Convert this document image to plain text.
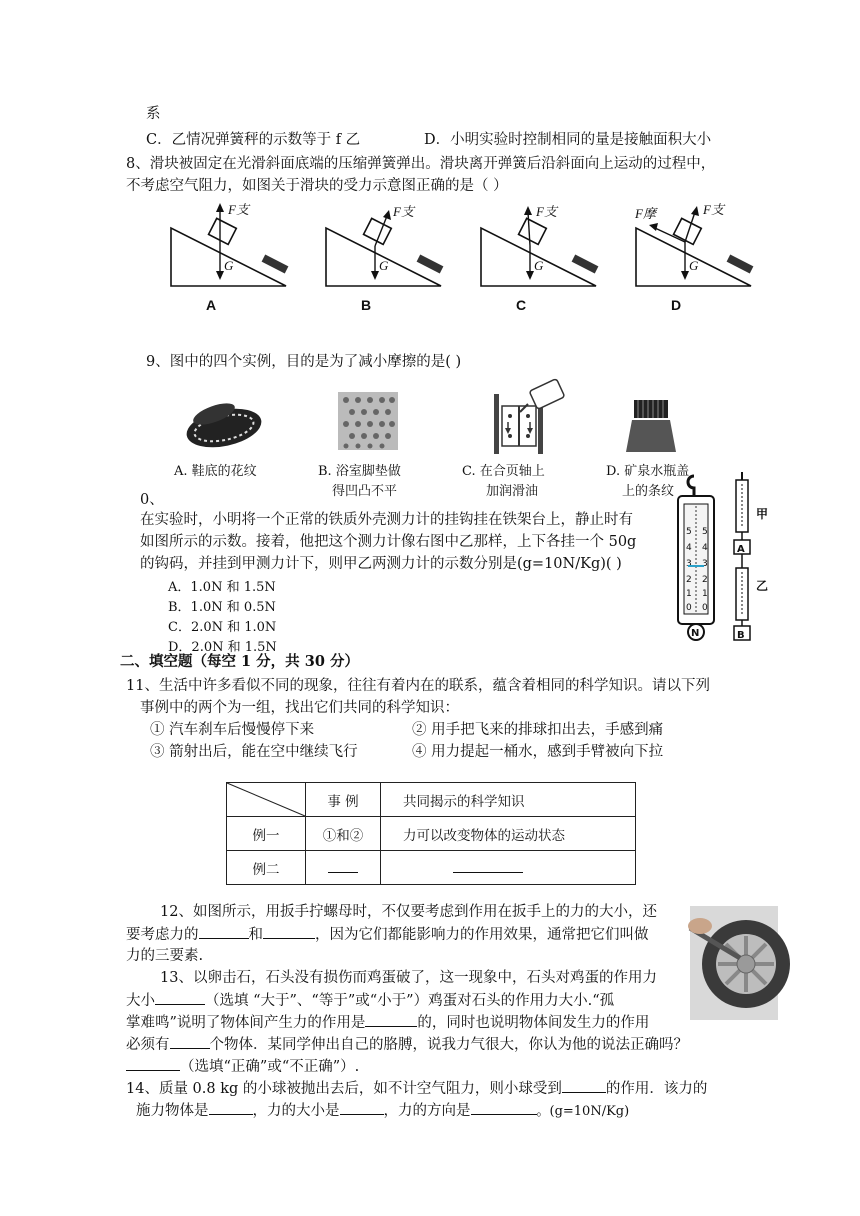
系
C．乙情况弹簧秤的示数等于 f 乙	D．小明实验时控制相同的量是接触面积大小
8、滑块被固定在光滑斜面底端的压缩弹簧弹出。滑块离开弹簧后沿斜面向上运动的过程中，
不考虑空气阻力，如图关于滑块的受力示意图正确的是（ ）
F支
G
F支
G
F支
G
F支
F摩
G
A	B	C	D
9、图中的四个实例，目的是为了减小摩擦的是( )
A. 鞋底的花纹	B. 浴室脚垫做
得凹凸不平
C. 在合页轴上
加润滑油
D. 矿泉水瓶盖
上的条纹
0、
在实验时，小明将一个正常的铁质外壳测力计的挂钩挂在铁架台上，静止时有
如图所示的示数。接着，他把这个测力计像右图中乙那样，上下各挂一个 50g
的钩码，并挂到甲测力计下，则甲乙两测力计的示数分别是(g=10N/Kg)( )
A．1.0N 和 1.5N
B．1.0N 和 0.5N
C．2.0N 和 1.0N
D．2.0N 和 1.5N
5 5
4 4
3 3
2 2
1 1
0 0
N
A
B
甲
乙
二、填空题（每空 1 分，共 30 分）
11、生活中许多看似不同的现象，往往有着内在的联系，蕴含着相同的科学知识。请以下列
事例中的两个为一组，找出它们共同的科学知识：
① 汽车刹车后慢慢停下来	② 用手把飞来的排球扣出去，手感到痛
③ 箭射出后，能在空中继续飞行	④ 用力提起一桶水，感到手臂被向下拉
	事 例	共同揭示的科学知识
例一	①和②	力可以改变物体的运动状态
例二		
12、如图所示，用扳手拧螺母时，不仅要考虑到作用在扳手上的力的大小，还
要考虑力的	和	，因为它们都能影响力的作用效果，通常把它们叫做
力的三要素.
13、以卵击石，石头没有损伤而鸡蛋破了，这一现象中，石头对鸡蛋的作用力
大小	（选填 “大于”、“等于”或“小于”）鸡蛋对石头的作用力大小.“孤
掌难鸣”说明了物体间产生力的作用是	的，同时也说明物体间发生力的作用
必须有	个物体．某同学伸出自己的胳膊，说我力气很大，你认为他的说法正确吗？
（选填“正确”或“不正确”）.
14、质量 0.8 kg 的小球被抛出去后，如不计空气阻力，则小球受到	的作用．该力的
施力物体是	，力的大小是	，力的方向是	。(g=10N/Kg)
